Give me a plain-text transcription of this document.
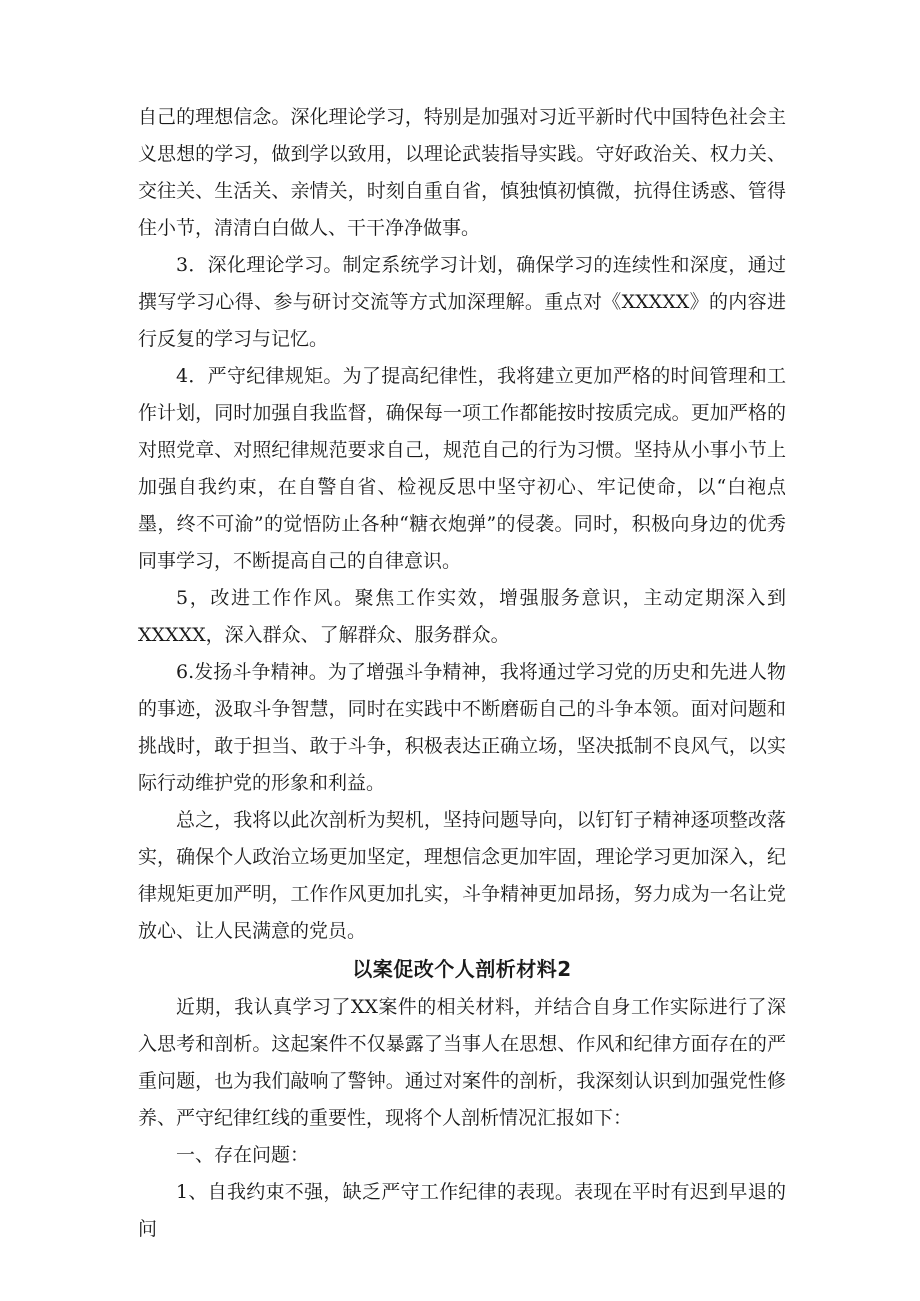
自己的理想信念。深化理论学习，特别是加强对习近平新时代中国特色社会主义思想的学习，做到学以致用，以理论武装指导实践。守好政治关、权力关、交往关、生活关、亲情关，时刻自重自省，慎独慎初慎微，抗得住诱惑、管得住小节，清清白白做人、干干净净做事。

3．深化理论学习。制定系统学习计划，确保学习的连续性和深度，通过撰写学习心得、参与研讨交流等方式加深理解。重点对《XXXXX》的内容进行反复的学习与记忆。

4．严守纪律规矩。为了提高纪律性，我将建立更加严格的时间管理和工作计划，同时加强自我监督，确保每一项工作都能按时按质完成。更加严格的对照党章、对照纪律规范要求自己，规范自己的行为习惯。坚持从小事小节上加强自我约束，在自警自省、检视反思中坚守初心、牢记使命，以“白袍点墨，终不可渝”的觉悟防止各种“糖衣炮弹”的侵袭。同时，积极向身边的优秀同事学习，不断提高自己的自律意识。

5，改进工作作风。聚焦工作实效，增强服务意识，主动定期深入到XXXXX，深入群众、了解群众、服务群众。

6.发扬斗争精神。为了增强斗争精神，我将通过学习党的历史和先进人物的事迹，汲取斗争智慧，同时在实践中不断磨砺自己的斗争本领。面对问题和挑战时，敢于担当、敢于斗争，积极表达正确立场，坚决抵制不良风气，以实际行动维护党的形象和利益。

总之，我将以此次剖析为契机，坚持问题导向，以钉钉子精神逐项整改落实，确保个人政治立场更加坚定，理想信念更加牢固，理论学习更加深入，纪律规矩更加严明，工作作风更加扎实，斗争精神更加昂扬，努力成为一名让党放心、让人民满意的党员。

以案促改个人剖析材料2

近期，我认真学习了XX案件的相关材料，并结合自身工作实际进行了深入思考和剖析。这起案件不仅暴露了当事人在思想、作风和纪律方面存在的严重问题，也为我们敲响了警钟。通过对案件的剖析，我深刻认识到加强党性修养、严守纪律红线的重要性，现将个人剖析情况汇报如下：

一、存在问题：

1、自我约束不强，缺乏严守工作纪律的表现。表现在平时有迟到早退的问
